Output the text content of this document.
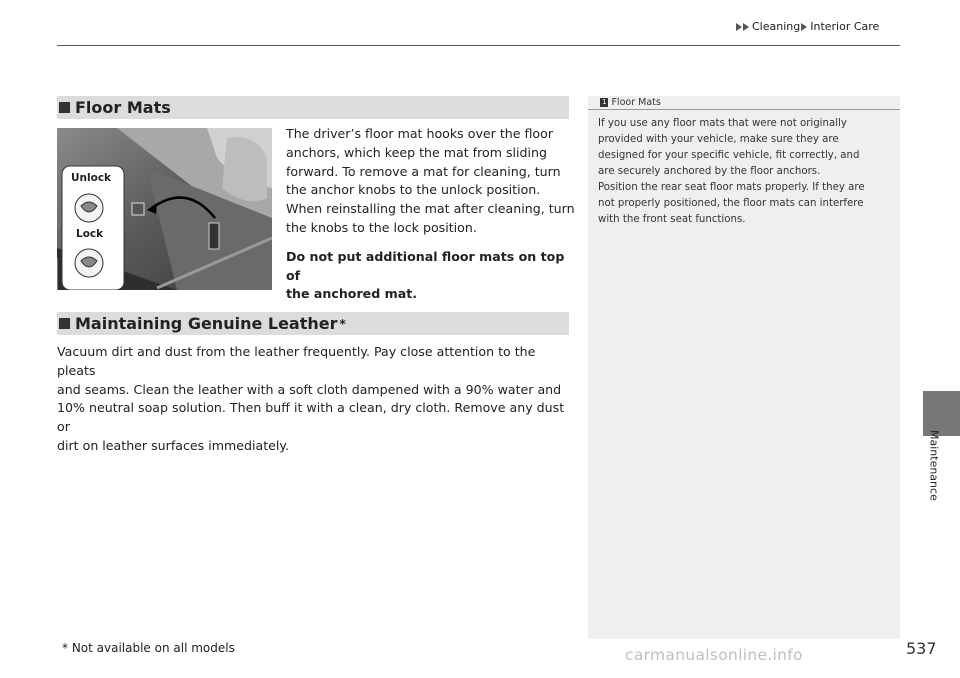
Cleaning Interior Care
Floor Mats
Unlock
Lock
The driver’s floor mat hooks over the floor
anchors, which keep the mat from sliding
forward. To remove a mat for cleaning, turn
the anchor knobs to the unlock position.
When reinstalling the mat after cleaning, turn
the knobs to the lock position.
Do not put additional floor mats on top of
the anchored mat.
Maintaining Genuine Leather *
Vacuum dirt and dust from the leather frequently. Pay close attention to the pleats
and seams. Clean the leather with a soft cloth dampened with a 90% water and
10% neutral soap solution. Then buff it with a clean, dry cloth. Remove any dust or
dirt on leather surfaces immediately.
1 Floor Mats
If you use any floor mats that were not originally
provided with your vehicle, make sure they are
designed for your specific vehicle, fit correctly, and
are securely anchored by the floor anchors.
Position the rear seat floor mats properly. If they are
not properly positioned, the floor mats can interfere
with the front seat functions.
Maintenance
* Not available on all models	carmanualsonline.info	537
